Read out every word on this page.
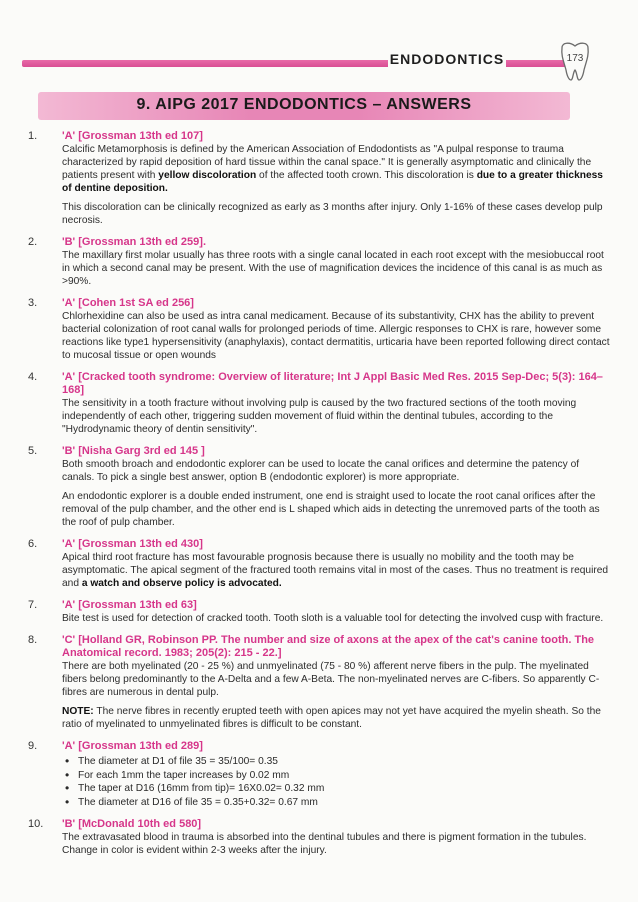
ENDODONTICS	173
9. AIPG 2017 ENDODONTICS – ANSWERS
1. 'A' [Grossman 13th ed 107]

Calcific Metamorphosis is defined by the American Association of Endodontists as "A pulpal response to trauma characterized by rapid deposition of hard tissue within the canal space." It is generally asymptomatic and clinically the patients present with yellow discoloration of the affected tooth crown. This discoloration is due to a greater thickness of dentine deposition.

This discoloration can be clinically recognized as early as 3 months after injury. Only 1-16% of these cases develop pulp necrosis.

2. 'B' [Grossman 13th ed 259].

The maxillary first molar usually has three roots with a single canal located in each root except with the mesiobuccal root in which a second canal may be present. With the use of magnification devices the incidence of this canal is as much as >90%.

3. 'A' [Cohen 1st SA ed 256]

Chlorhexidine can also be used as intra canal medicament. Because of its substantivity, CHX has the ability to prevent bacterial colonization of root canal walls for prolonged periods of time. Allergic responses to CHX is rare, however some reactions like type1 hypersensitivity (anaphylaxis), contact dermatitis, urticaria have been reported following direct contact to mucosal tissue or open wounds

4. 'A' [Cracked tooth syndrome: Overview of literature; Int J Appl Basic Med Res. 2015 Sep-Dec; 5(3): 164–168]

The sensitivity in a tooth fracture without involving pulp is caused by the two fractured sections of the tooth moving independently of each other, triggering sudden movement of fluid within the dentinal tubules, according to the "Hydrodynamic theory of dentin sensitivity".

5. 'B' [Nisha Garg 3rd ed 145 ]

Both smooth broach and endodontic explorer can be used to locate the canal orifices and determine the patency of canals. To pick a single best answer, option B (endodontic explorer) is more appropriate.

An endodontic explorer is a double ended instrument, one end is straight used to locate the root canal orifices after the removal of the pulp chamber, and the other end is L shaped which aids in detecting the unremoved parts of the tooth as the roof of pulp chamber.

6. 'A' [Grossman 13th ed 430]

Apical third root fracture has most favourable prognosis because there is usually no mobility and the tooth may be asymptomatic. The apical segment of the fractured tooth remains vital in most of the cases. Thus no treatment is required and a watch and observe policy is advocated.

7. 'A' [Grossman 13th ed 63]

Bite test is used for detection of cracked tooth. Tooth sloth is a valuable tool for detecting the involved cusp with fracture.

8. 'C' [Holland GR, Robinson PP. The number and size of axons at the apex of the cat's canine tooth. The Anatomical record. 1983; 205(2): 215 - 22.]

There are both myelinated (20 - 25 %) and unmyelinated (75 - 80 %) afferent nerve fibers in the pulp. The myelinated fibers belong predominantly to the A-Delta and a few A-Beta. The non-myelinated nerves are C-fibers. So apparently C-fibres are numerous in dental pulp.

NOTE: The nerve fibres in recently erupted teeth with open apices may not yet have acquired the myelin sheath. So the ratio of myelinated to unmyelinated fibres is difficult to be constant.

9. 'A' [Grossman 13th ed 289]
• The diameter at D1 of file 35 = 35/100= 0.35
• For each 1mm the taper increases by 0.02 mm
• The taper at D16 (16mm from tip)= 16X0.02= 0.32 mm
• The diameter at D16 of file 35 = 0.35+0.32= 0.67 mm
10. 'B' [McDonald 10th ed 580]

The extravasated blood in trauma is absorbed into the dentinal tubules and there is pigment formation in the tubules. Change in color is evident within 2-3 weeks after the injury.
